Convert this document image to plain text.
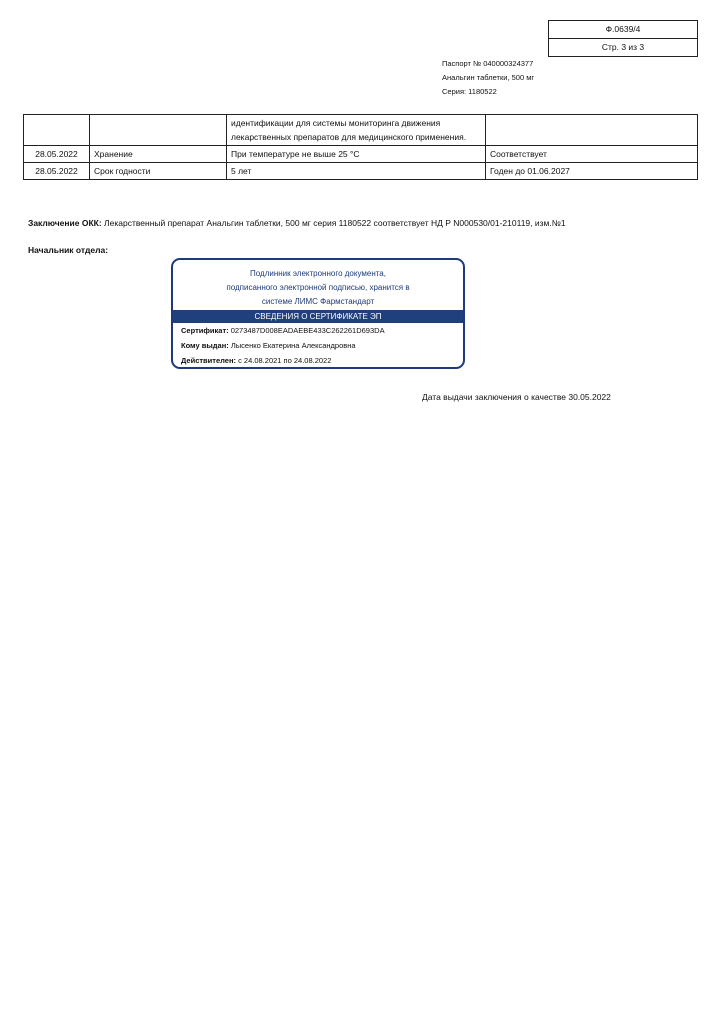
Ф.0639/4
Стр. 3 из 3
Паспорт № 040000324377
Анальгин таблетки, 500 мг
Серия: 1180522
		идентификации для системы мониторинга движения лекарственных препаратов для медицинского применения.	
28.05.2022	Хранение	При температуре не выше 25 °С	Соответствует
28.05.2022	Срок годности	5 лет	Годен до 01.06.2027
Заключение ОКК: Лекарственный препарат Анальгин таблетки, 500 мг серия 1180522 соответствует НД Р N000530/01-210119, изм.№1
Начальник отдела:
Подлинник электронного документа,
подписанного электронной подписью, хранится в
системе ЛИМС Фармстандарт
СВЕДЕНИЯ О СЕРТИФИКАТЕ ЭП
Сертификат: 0273487D008EADAEBE433C262261D693DA
Кому выдан: Лысенко Екатерина Александровна
Действителен: с 24.08.2021 по 24.08.2022
Дата выдачи заключения о качестве 30.05.2022
